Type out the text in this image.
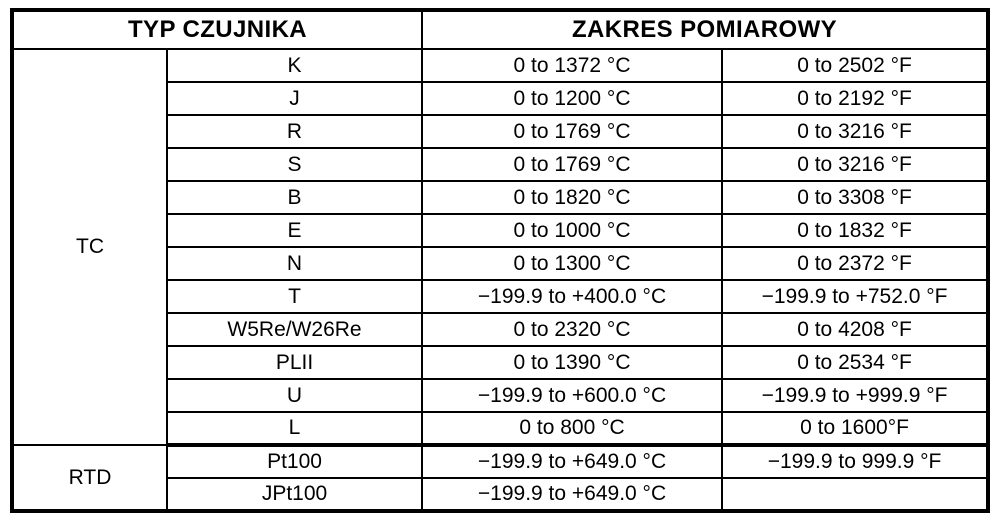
TYP CZUJNIKA		ZAKRES POMIAROWY	
TC	K	0 to 1372 °C	0 to 2502 °F
	J	0 to 1200 °C	0 to 2192 °F
	R	0 to 1769 °C	0 to 3216 °F
	S	0 to 1769 °C	0 to 3216 °F
	B	0 to 1820 °C	0 to 3308 °F
	E	0 to 1000 °C	0 to 1832 °F
	N	0 to 1300 °C	0 to 2372 °F
	T	−199.9 to +400.0 °C	−199.9 to +752.0 °F
	W5Re/W26Re	0 to 2320 °C	0 to 4208 °F
	PLII	0 to 1390 °C	0 to 2534 °F
	U	−199.9 to +600.0 °C	−199.9 to +999.9 °F
	L	0 to 800 °C	0 to 1600°F
RTD	Pt100	−199.9 to +649.0 °C	−199.9 to 999.9 °F
	JPt100	−199.9 to +649.0 °C	
